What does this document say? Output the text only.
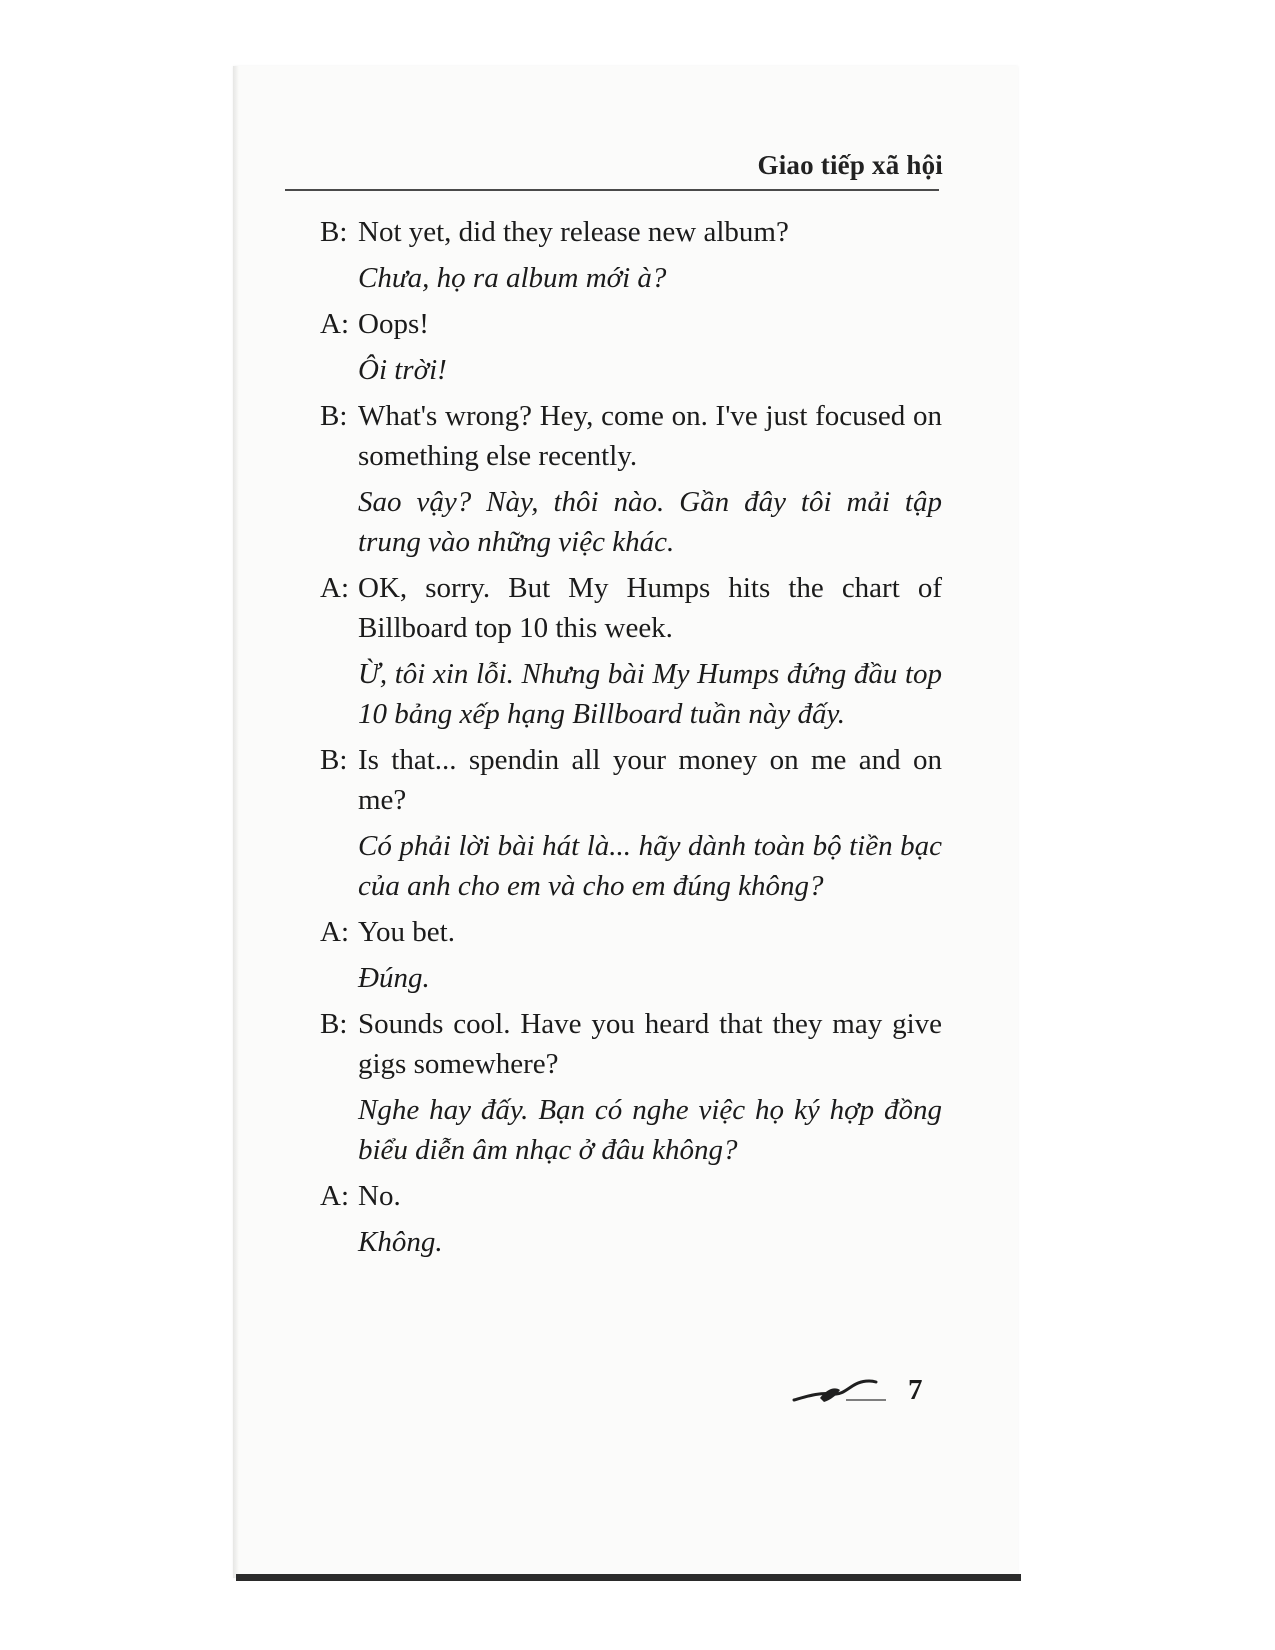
Giao tiếp xã hội
B: Not yet, did they release new album?
Chưa, họ ra album mới à?
A: Oops!
Ôi trời!
B: What's wrong? Hey, come on. I've just focused on something else recently.
Sao vậy? Này, thôi nào. Gần đây tôi mải tập trung vào những việc khác.
A: OK, sorry. But My Humps hits the chart of Billboard top 10 this week.
Ừ, tôi xin lỗi. Nhưng bài My Humps đứng đầu top 10 bảng xếp hạng Billboard tuần này đấy.
B: Is that... spendin all your money on me and on me?
Có phải lời bài hát là... hãy dành toàn bộ tiền bạc của anh cho em và cho em đúng không?
A: You bet.
Đúng.
B: Sounds cool. Have you heard that they may give gigs somewhere?
Nghe hay đấy. Bạn có nghe việc họ ký hợp đồng biểu diễn âm nhạc ở đâu không?
A: No.
Không.
7
